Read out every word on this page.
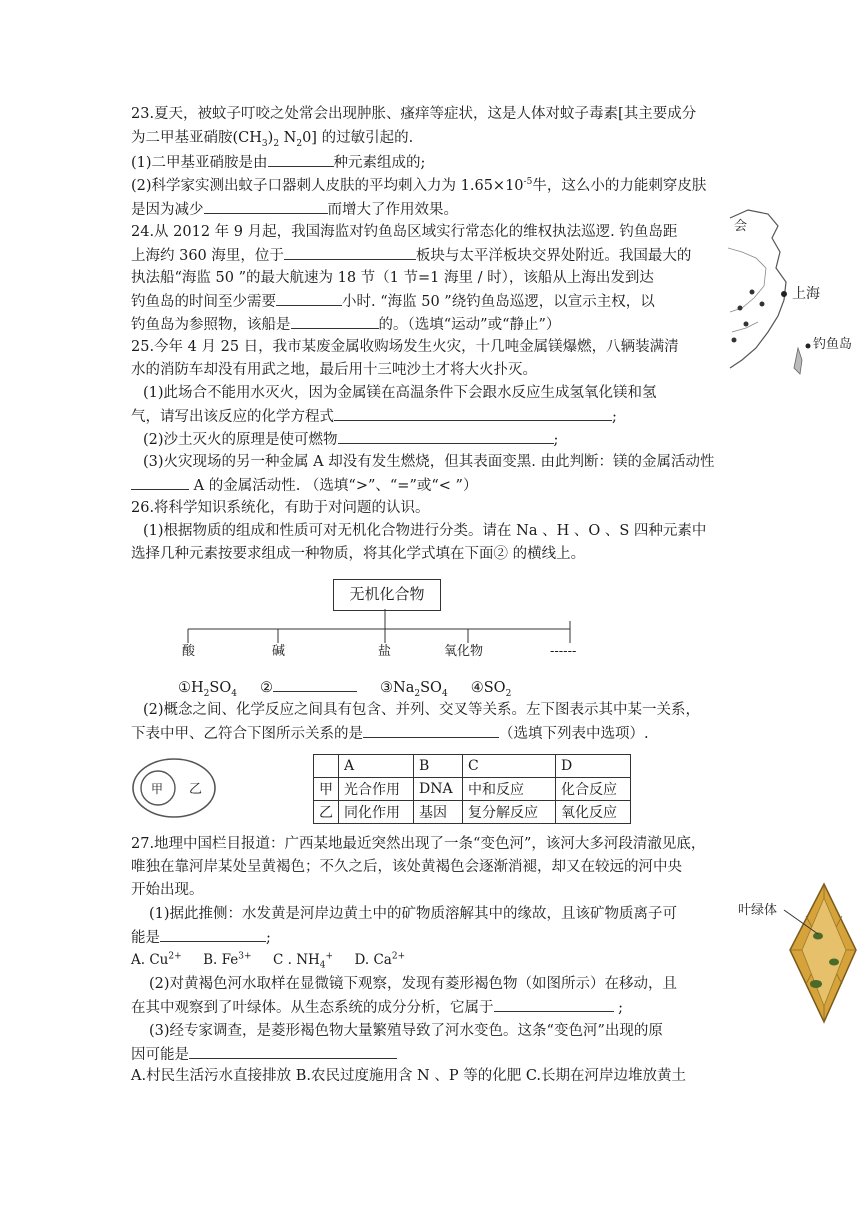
23.夏天，被蚊子叮咬之处常会出现肿胀、瘙痒等症状，这是人体对蚊子毒素[其主要成分
为二甲基亚硝胺$(CH_3)_2$ $N_20$] 的过敏引起的.
(1)二甲基亚硝胺是由	种元素组成的;
(2)科学家实测出蚊子口器刺人皮肤的平均刺入力为 $1.65\times 10^{-5}$牛，这么小的力能刺穿皮肤
是因为减少	而增大了作用效果。
24.从 2012 年 9 月起，我国海监对钓鱼岛区域实行常态化的维权执法巡逻. 钓鱼岛距
上海约 360 海里，位于	板块与太平洋板块交界处附近。我国最大的
执法船“海监 50 ”的最大航速为 18 节（1 节=1 海里 / 时），该船从上海出发到达
钓鱼岛的时间至少需要	小时. “海监 50 ”绕钓鱼岛巡逻，以宣示主权，以
钓鱼岛为参照物，该船是	的。（选填“运动”或“静止”）
会
上海
钓鱼岛
25.今年 4 月 25 日，我市某废金属收购场发生火灾，十几吨金属镁爆燃，八辆装满清
水的消防车却没有用武之地，最后用十三吨沙土才将大火扑灭。
(1)此场合不能用水灭火，因为金属镁在高温条件下会跟水反应生成氢氧化镁和氢
气，请写出该反应的化学方程式	;
(2)沙土灭火的原理是使可燃物	;
(3)火灾现场的另一种金属 A 却没有发生燃烧，但其表面变黑. 由此判断：镁的金属活动性
A 的金属活动性. （选填“>”、“=”或“< ”）
26.将科学知识系统化，有助于对问题的认识。
(1)根据物质的组成和性质可对无机化合物进行分类。请在 Na 、H 、O 、S 四种元素中
选择几种元素按要求组成一种物质，将其化学式填在下面② 的横线上。
无机化合物
酸	碱	盐	氧化物	------
$①H_2SO_4$ ②	$③Na_2SO_4$ $④SO_2$
(2)概念之间、化学反应之间具有包含、并列、交叉等关系。左下图表示其中某一关系，
下表中甲、乙符合下图所示关系的是	（选填下列表中选项）.
甲 乙
	A	B	C	D
甲	光合作用	DNA	中和反应	化合反应
乙	同化作用	基因	复分解反应	氧化反应
27.地理中国栏目报道：广西某地最近突然出现了一条“变色河”，该河大多河段清澈见底，
唯独在靠河岸某处呈黄褐色；不久之后，该处黄褐色会逐渐消褪，却又在较远的河中央
开始出现。
(1)据此推侧：水发黄是河岸边黄土中的矿物质溶解其中的缘故，且该矿物质离子可
能是	;
A. $Cu^{2+}$ B. $Fe^{3+}$ C . $NH_4^+$ D. $Ca^{2+}$
(2)对黄褐色河水取样在显微镜下观察，发现有菱形褐色物（如图所示）在移动，且
在其中观察到了叶绿体。从生态系统的成分分析，它属于	;
(3)经专家调查，是菱形褐色物大量繁殖导致了河水变色。这条“变色河”出现的原
因可能是
A.村民生活污水直接排放 B.农民过度施用含 N 、P 等的化肥 C.长期在河岸边堆放黄土
叶绿体
